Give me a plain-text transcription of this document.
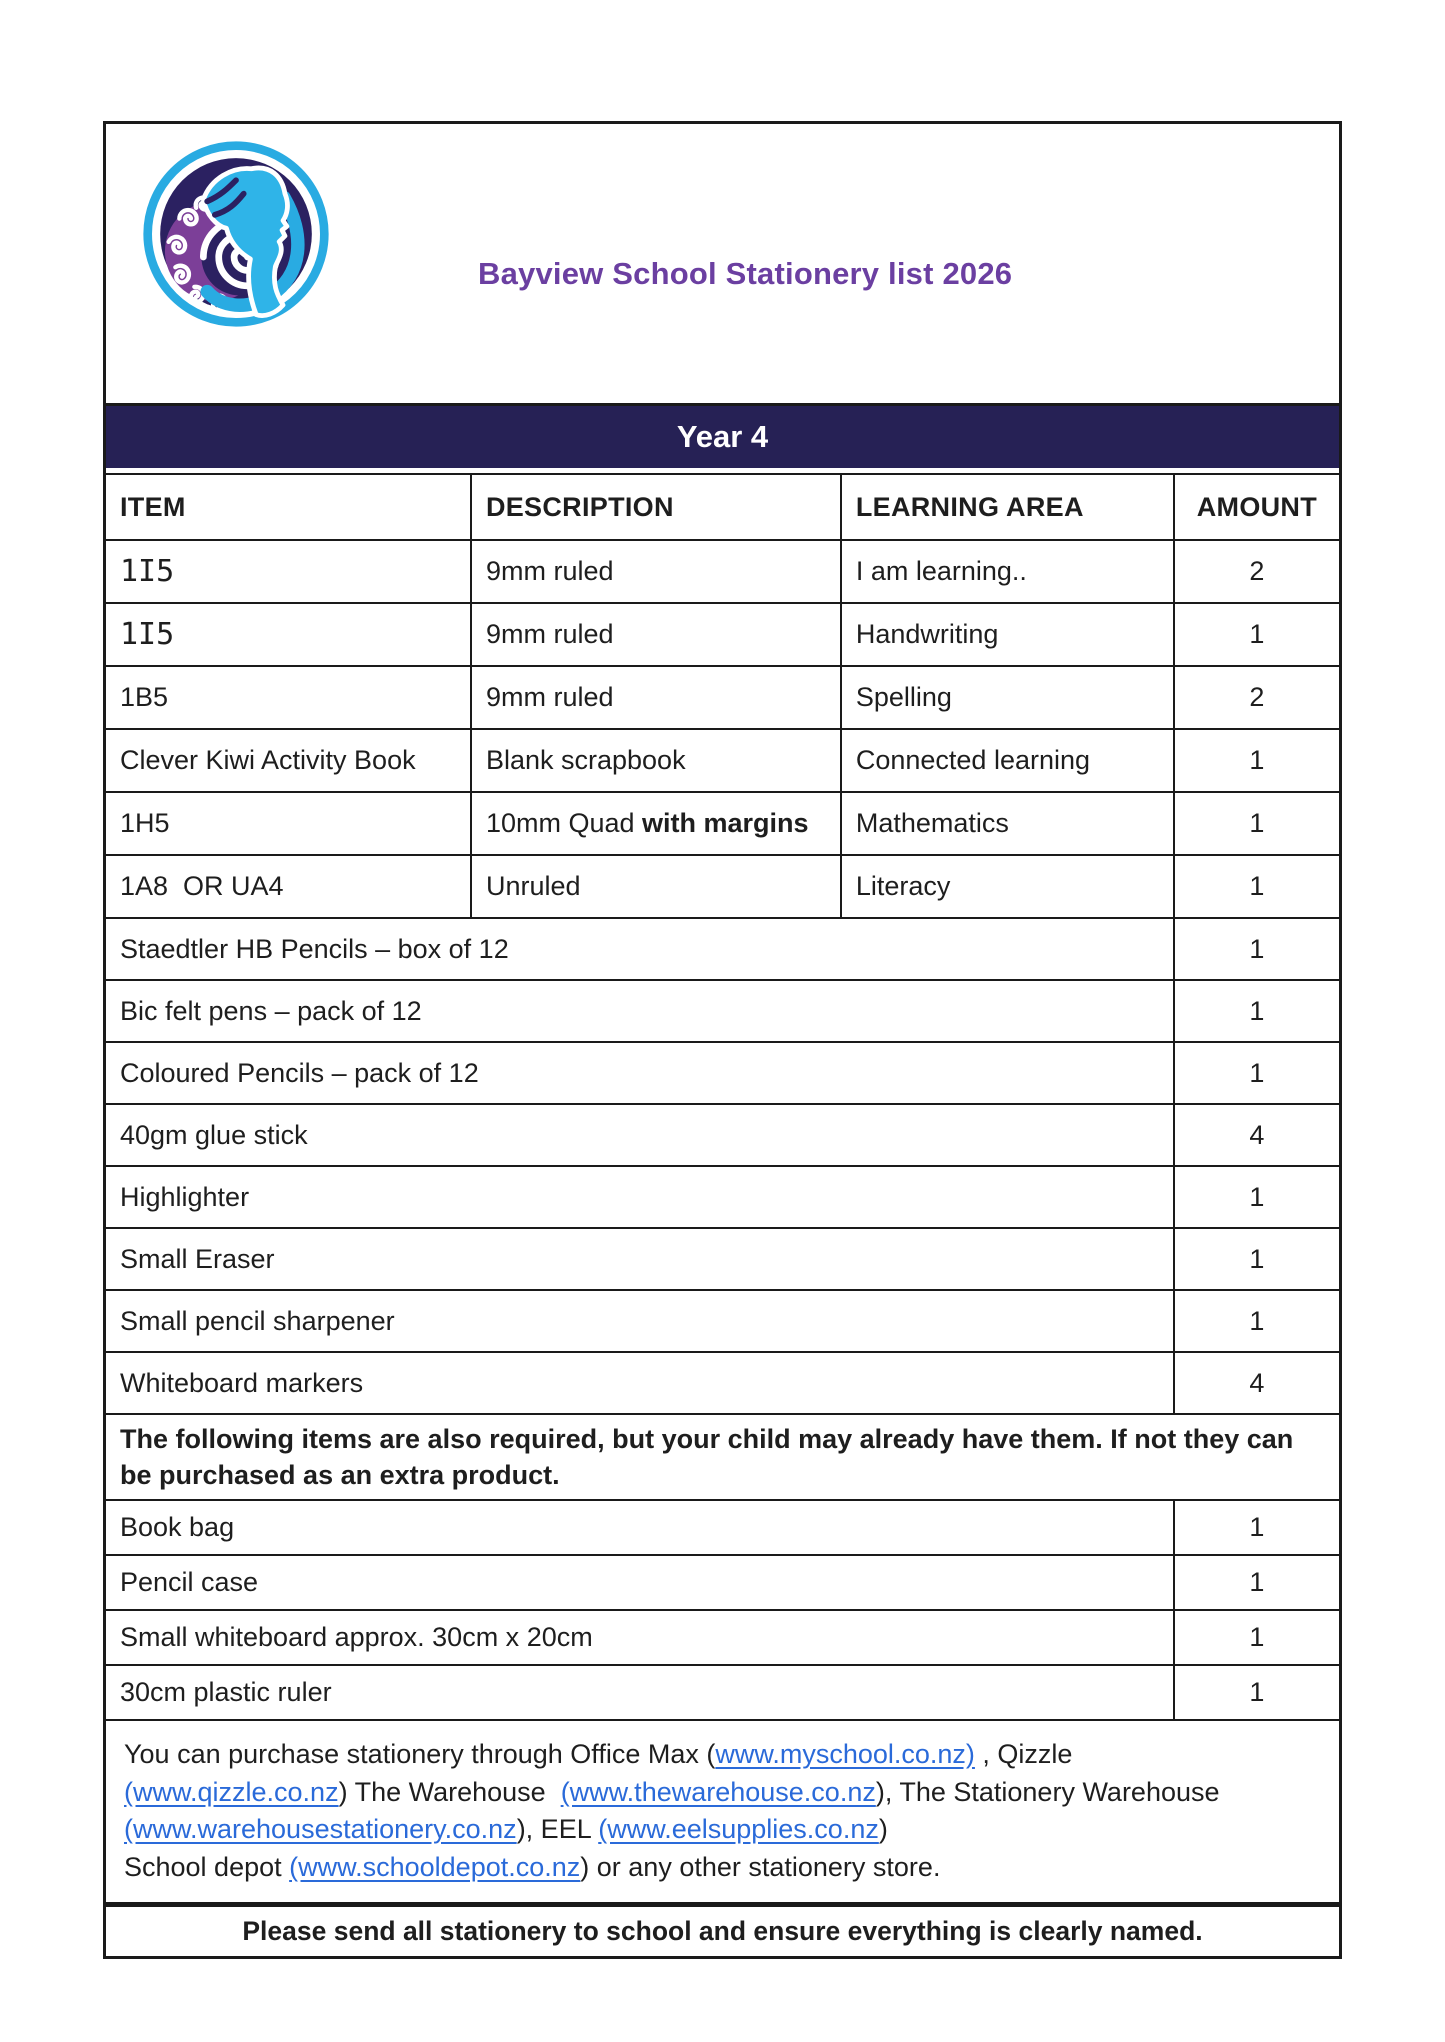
Bayview School Stationery list 2026
Year 4
ITEM	DESCRIPTION	LEARNING AREA	AMOUNT
1I5	9mm ruled	I am learning..	2
1I5	9mm ruled	Handwriting	1
1B5	9mm ruled	Spelling	2
Clever Kiwi Activity Book	Blank scrapbook	Connected learning	1
1H5	10mm Quad with margins	Mathematics	1
1A8  OR UA4	Unruled	Literacy	1
Staedtler HB Pencils – box of 12			1
Bic felt pens – pack of 12			1
Coloured Pencils – pack of 12			1
40gm glue stick			4
Highlighter			1
Small Eraser			1
Small pencil sharpener			1
Whiteboard markers			4
The following items are also required, but your child may already have them. If not they can be purchased as an extra product.			
Book bag			1
Pencil case			1
Small whiteboard approx. 30cm x 20cm			1
30cm plastic ruler			1
You can purchase stationery through Office Max (www.myschool.co.nz) , Qizzle
(www.qizzle.co.nz) The Warehouse  (www.thewarehouse.co.nz), The Stationery Warehouse
(www.warehousestationery.co.nz), EEL (www.eelsupplies.co.nz)
School depot (www.schooldepot.co.nz) or any other stationery store.			
Please send all stationery to school and ensure everything is clearly named.			
